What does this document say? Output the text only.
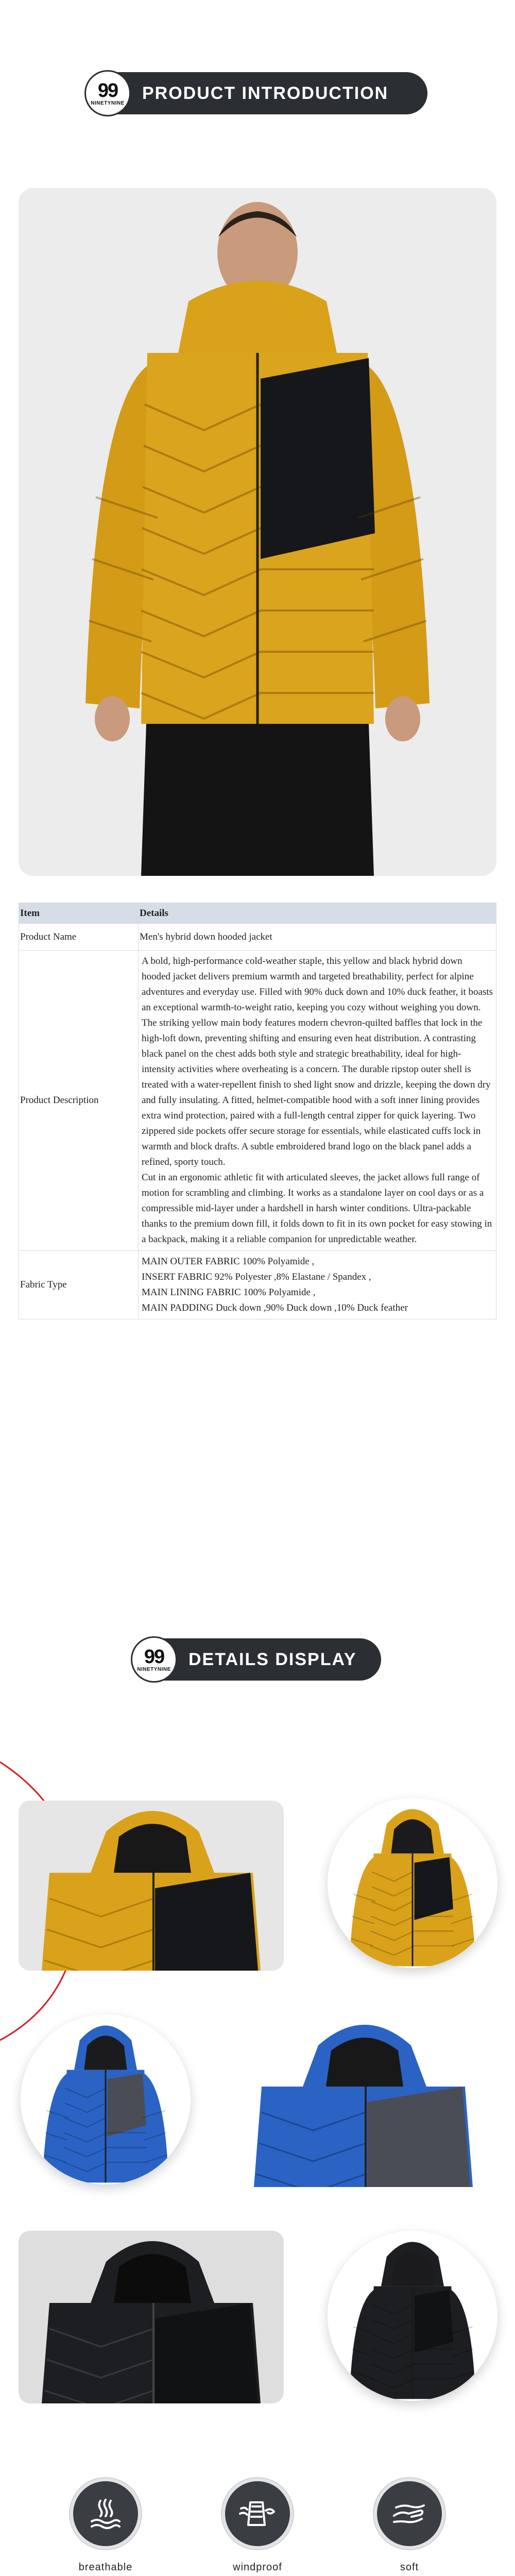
99
NINETYNINE
PRODUCT INTRODUCTION
Item	Details
Product Name	Men's hybrid down hooded jacket
Product Description	A bold, high-performance cold-weather staple, this yellow and black hybrid down hooded jacket delivers premium warmth and targeted breathability, perfect for alpine adventures and everyday use. Filled with 90% duck down and 10% duck feather, it boasts an exceptional warmth-to-weight ratio, keeping you cozy without weighing you down.

The striking yellow main body features modern chevron-quilted baffles that lock in the high-loft down, preventing shifting and ensuring even heat distribution. A contrasting black panel on the chest adds both style and strategic breathability, ideal for high-intensity activities where overheating is a concern. The durable ripstop outer shell is treated with a water-repellent finish to shed light snow and drizzle, keeping the down dry and fully insulating. A fitted, helmet-compatible hood with a soft inner lining provides extra wind protection, paired with a full-length central zipper for quick layering. Two zippered side pockets offer secure storage for essentials, while elasticated cuffs lock in warmth and block drafts. A subtle embroidered brand logo on the black panel adds a refined, sporty touch.

Cut in an ergonomic athletic fit with articulated sleeves, the jacket allows full range of motion for scrambling and climbing. It works as a standalone layer on cool days or as a compressible mid-layer under a hardshell in harsh winter conditions. Ultra-packable thanks to the premium down fill, it folds down to fit in its own pocket for easy stowing in a backpack, making it a reliable companion for unpredictable weather.

Fabric Type	MAIN OUTER FABRIC 100% Polyamide ,
INSERT FABRIC 92% Polyester ,8% Elastane / Spandex ,
MAIN LINING FABRIC 100% Polyamide ,
MAIN PADDING Duck down ,90% Duck down ,10% Duck feather
99
NINETYNINE
DETAILS DISPLAY
breathable	windproof	soft
